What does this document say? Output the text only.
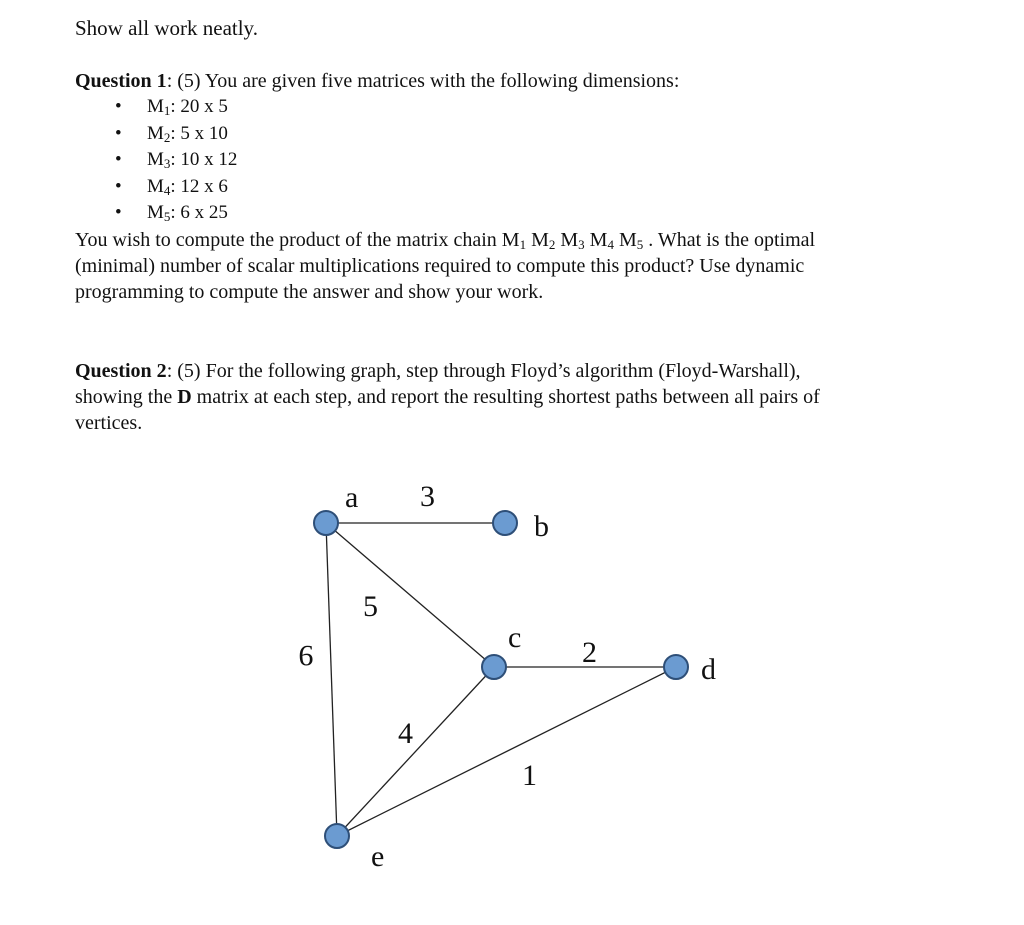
Show all work neatly.
Question 1: (5) You are given five matrices with the following dimensions:
• $M_1$: 20 x 5
• $M_2$: 5 x 10
• $M_3$: 10 x 12
• $M_4$: 12 x 6
• $M_5$: 6 x 25
You wish to compute the product of the matrix chain $M_1$ $M_2$ $M_3$ $M_4$ $M_5$ . What is the optimal
(minimal) number of scalar multiplications required to compute this product? Use dynamic
programming to compute the answer and show your work.
Question 2: (5) For the following graph, step through Floyd’s algorithm (Floyd-Warshall),
showing the D matrix at each step, and report the resulting shortest paths between all pairs of
vertices.
a
b
c
d
e
3
5
9	2
4
1
